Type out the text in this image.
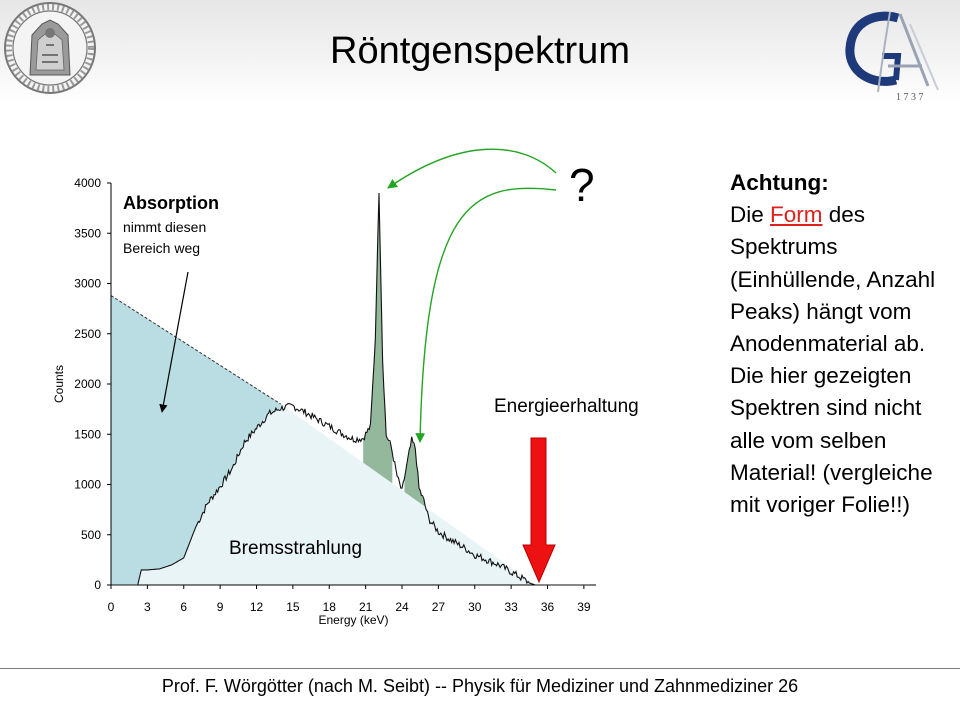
1 7 3 7
Röntgenspektrum
0 3 6 9 12 15 18 21 24 27 30 33 36 39
0
500
1000
1500
2000
2500
3000
3500
4000
Energy (keV)
Counts
Absorption
nimmt diesen
Bereich weg
Bremsstrahlung
Energieerhaltung
?	Achtung:
Die Form des Spektrums (Einhüllende, Anzahl Peaks) hängt vom Anodenmaterial ab. Die hier gezeigten Spektren sind nicht alle vom selben Material! (vergleiche mit voriger Folie!!)
Prof. F. Wörgötter (nach M. Seibt) -- Physik für Mediziner und Zahnmediziner 26
